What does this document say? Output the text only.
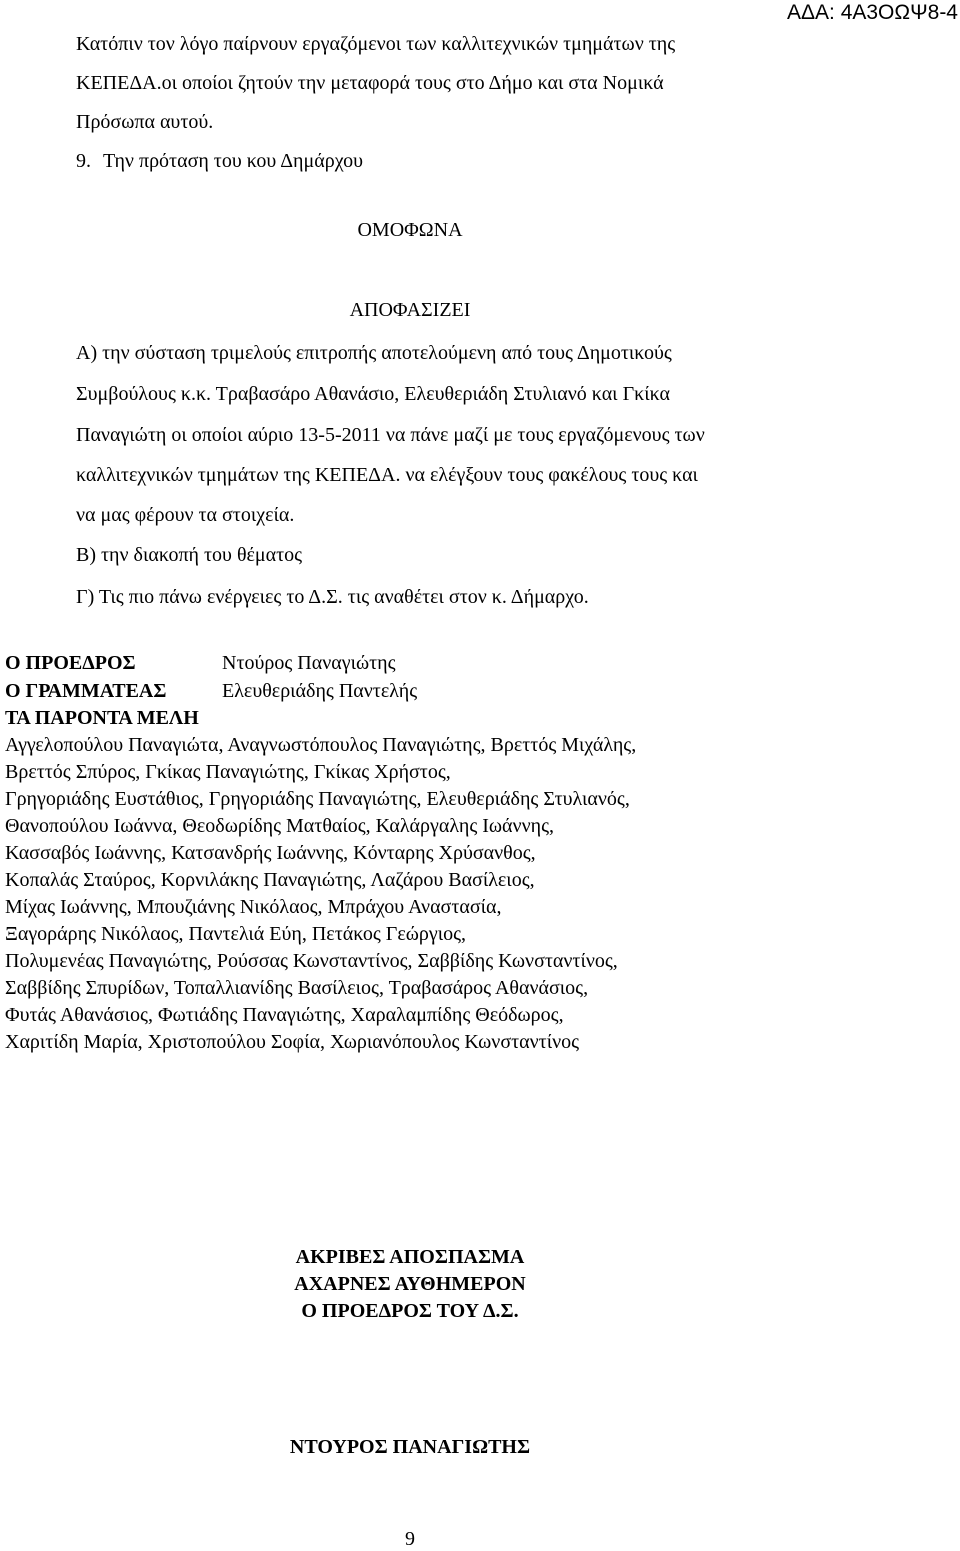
ΑΔΑ: 4Α3ΟΩΨ8-4
Κατόπιν τον λόγο παίρνουν εργαζόμενοι των καλλιτεχνικών τμημάτων της
ΚΕΠΕΔΑ.οι οποίοι ζητούν την μεταφορά τους στο Δήμο και στα Νομικά
Πρόσωπα αυτού.
9. Την πρόταση του κου Δημάρχου
ΟΜΟΦΩΝΑ
ΑΠΟΦΑΣΙΖΕΙ
Α) την σύσταση τριμελούς επιτροπής αποτελούμενη από τους Δημοτικούς
Συμβούλους κ.κ. Τραβασάρο Αθανάσιο, Ελευθεριάδη Στυλιανό και Γκίκα
Παναγιώτη οι οποίοι αύριο 13-5-2011 να πάνε μαζί με τους εργαζόμενους των
καλλιτεχνικών τμημάτων της ΚΕΠΕΔΑ. να ελέγξουν τους φακέλους τους και
να μας φέρουν τα στοιχεία.
Β) την διακοπή του θέματος
Γ) Τις πιο πάνω ενέργειες το Δ.Σ. τις αναθέτει στον κ. Δήμαρχο.
Ο ΠΡΟΕΔΡΟΣ	Ντούρος Παναγιώτης
Ο ΓΡΑΜΜΑΤΕΑΣ	Ελευθεριάδης Παντελής
ΤΑ ΠΑΡΟΝΤΑ ΜΕΛΗ
Αγγελοπούλου Παναγιώτα, Αναγνωστόπουλος Παναγιώτης, Βρεττός Μιχάλης,
Βρεττός Σπύρος, Γκίκας Παναγιώτης, Γκίκας Χρήστος,
Γρηγοριάδης Ευστάθιος, Γρηγοριάδης Παναγιώτης, Ελευθεριάδης Στυλιανός,
Θανοπούλου Ιωάννα, Θεοδωρίδης Ματθαίος, Καλάργαλης Ιωάννης,
Κασσαβός Ιωάννης, Κατσανδρής Ιωάννης, Κόνταρης Χρύσανθος,
Κοπαλάς Σταύρος, Κορνιλάκης Παναγιώτης, Λαζάρου Βασίλειος,
Μίχας Ιωάννης, Μπουζιάνης Νικόλαος, Μπράχου Αναστασία,
Ξαγοράρης Νικόλαος, Παντελιά Εύη, Πετάκος Γεώργιος,
Πολυμενέας Παναγιώτης, Ρούσσας Κωνσταντίνος, Σαββίδης Κωνσταντίνος,
Σαββίδης Σπυρίδων, Τοπαλλιανίδης Βασίλειος, Τραβασάρος Αθανάσιος,
Φυτάς Αθανάσιος, Φωτιάδης Παναγιώτης, Χαραλαμπίδης Θεόδωρος,
Χαριτίδη Μαρία, Χριστοπούλου Σοφία, Χωριανόπουλος Κωνσταντίνος
ΑΚΡΙΒΕΣ ΑΠΟΣΠΑΣΜΑ
ΑΧΑΡΝΕΣ ΑΥΘΗΜΕΡΟΝ
Ο ΠΡΟΕΔΡΟΣ ΤΟΥ Δ.Σ.
ΝΤΟΥΡΟΣ ΠΑΝΑΓΙΩΤΗΣ
9
